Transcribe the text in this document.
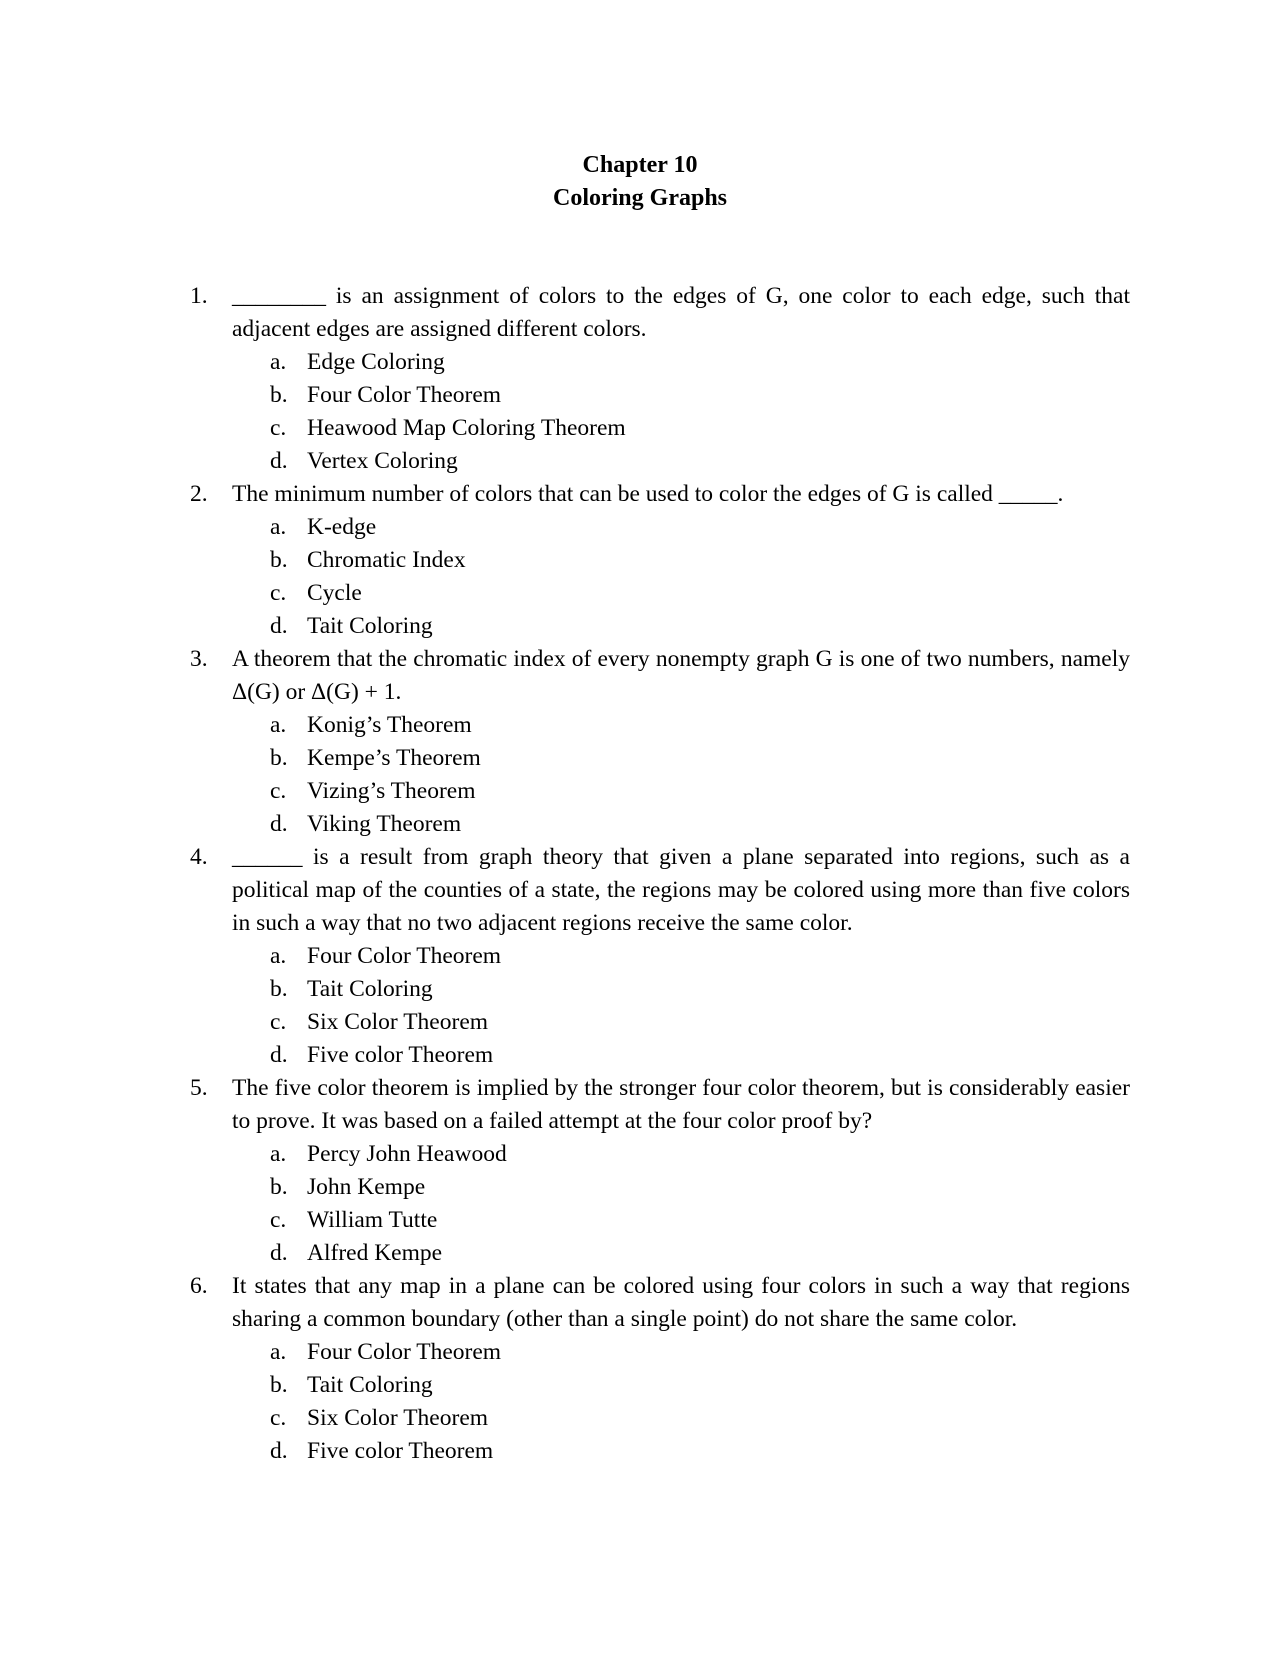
Chapter 10
Coloring Graphs
1.	________ is an assignment of colors to the edges of G, one color to each edge, such that adjacent edges are assigned different colors.
a. Edge Coloring
b. Four Color Theorem
c. Heawood Map Coloring Theorem
d. Vertex Coloring
2.	The minimum number of colors that can be used to color the edges of G is called _____.
a. K-edge
b. Chromatic Index
c. Cycle
d. Tait Coloring
3.	A theorem that the chromatic index of every nonempty graph G is one of two numbers, namely Δ(G) or Δ(G) + 1.
a. Konig’s Theorem
b. Kempe’s Theorem
c. Vizing’s Theorem
d. Viking Theorem
4.	______ is a result from graph theory that given a plane separated into regions, such as a political map of the counties of a state, the regions may be colored using more than five colors in such a way that no two adjacent regions receive the same color.
a. Four Color Theorem
b. Tait Coloring
c. Six Color Theorem
d. Five color Theorem
5.	The five color theorem is implied by the stronger four color theorem, but is considerably easier to prove. It was based on a failed attempt at the four color proof by?
a. Percy John Heawood
b. John Kempe
c. William Tutte
d. Alfred Kempe
6.	It states that any map in a plane can be colored using four colors in such a way that regions sharing a common boundary (other than a single point) do not share the same color.
a. Four Color Theorem
b. Tait Coloring
c. Six Color Theorem
d. Five color Theorem
